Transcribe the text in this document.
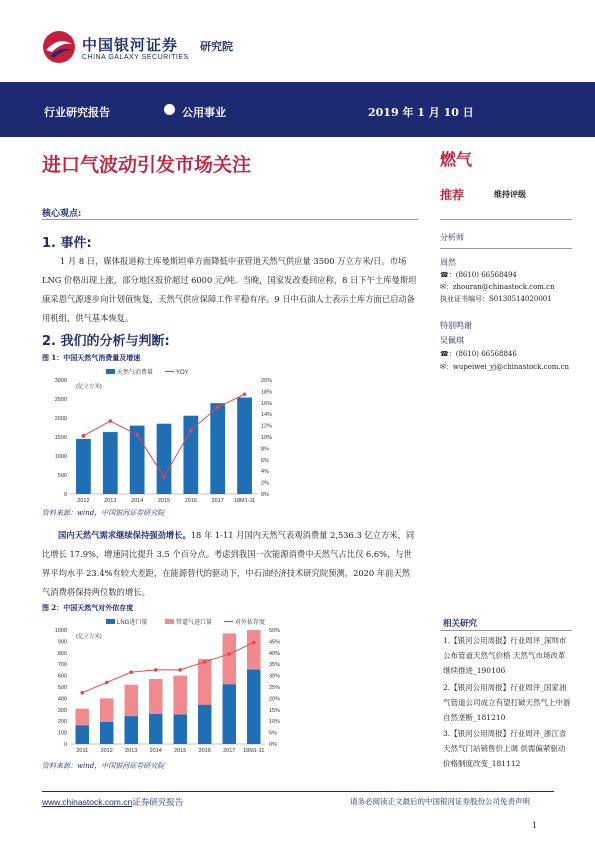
中国银河证券
CHINA GALAXY SECURITIES
研究院
行业研究报告	公用事业	2019 年 1 月 10 日
进口气波动引发市场关注	燃气
推荐	维持评级
核心观点:
1. 事件:
1 月 8 日，媒体报道称土库曼斯坦单方面降低中亚管道天然气供应量 3500 万立方米/日。市场 LNG 价格出现上涨，部分地区报价超过 6000 元/吨。当晚，国家发改委回应称，8 日下午土库曼斯坦康采恩气源逐步向计划值恢复，天然气供应保障工作平稳有序。9 日中石油人士表示土库方面已启动备用机组，供气基本恢复。
2. 我们的分析与判断:
图 1：中国天然气消费量及增速
0
500
1000
1500
2000
2500
3000
0%
2%
4%
6%
8%
10%
12%
14%
16%
18%
20%
(亿立方米)
2012	2013	2014	2015	2016	2017 18M1-11
天然气消费量	YOY
资料来源：wind，中国银河证券研究院
国内天然气需求继续保持强劲增长。18 年 1-11 月国内天然气表观消费量 2,536.3 亿立方米，同比增长 17.9%，增速同比提升 3.5 个百分点。考虑到我国一次能源消费中天然气占比仅 6.6%，与世界平均水平 23.4%有较大差距，在能源替代的驱动下，中石油经济技术研究院预测，2020 年前天然气消费将保持两位数的增长。
图 2：中国天然气对外依存度
0
100
200
300
400
500
600
700
800
900
1000
0%
5%
10%
15%
20%
25%
30%
35%
40%
45%
50%
(亿立方米)
2011 2012 2013 2014 2015 2016 2017 18M1-11
LNG进口量	管道气进口量	对外依存度
资料来源：wind，中国银河证券研究院
分析师
周然
☎：(8610) 66568494
✉：zhouran@chinastock.com.cn
执业证书编号：S0130514020001
特别鸣谢
吴佩琪
☎：(8610) 66568846
✉：wupeiwei_yj@chinastock.com.cn
相关研究
1.【银河公用周报】行业周评_深圳市公布管道天然气价格 天然气市场改革继续推进_190106
2.【银河公用周报】行业周评_国家油气管道公司成立有望打破天然气上中游自然垄断_181210
3.【银河公用周报】行业周评_浙江省天然气门站销售价上调 供需偏紧驱动价格制度改变_181112
www.chinastock.com.cn证券研究报告	请务必阅读正文最后的中国银河证券股份公司免责声明
1
